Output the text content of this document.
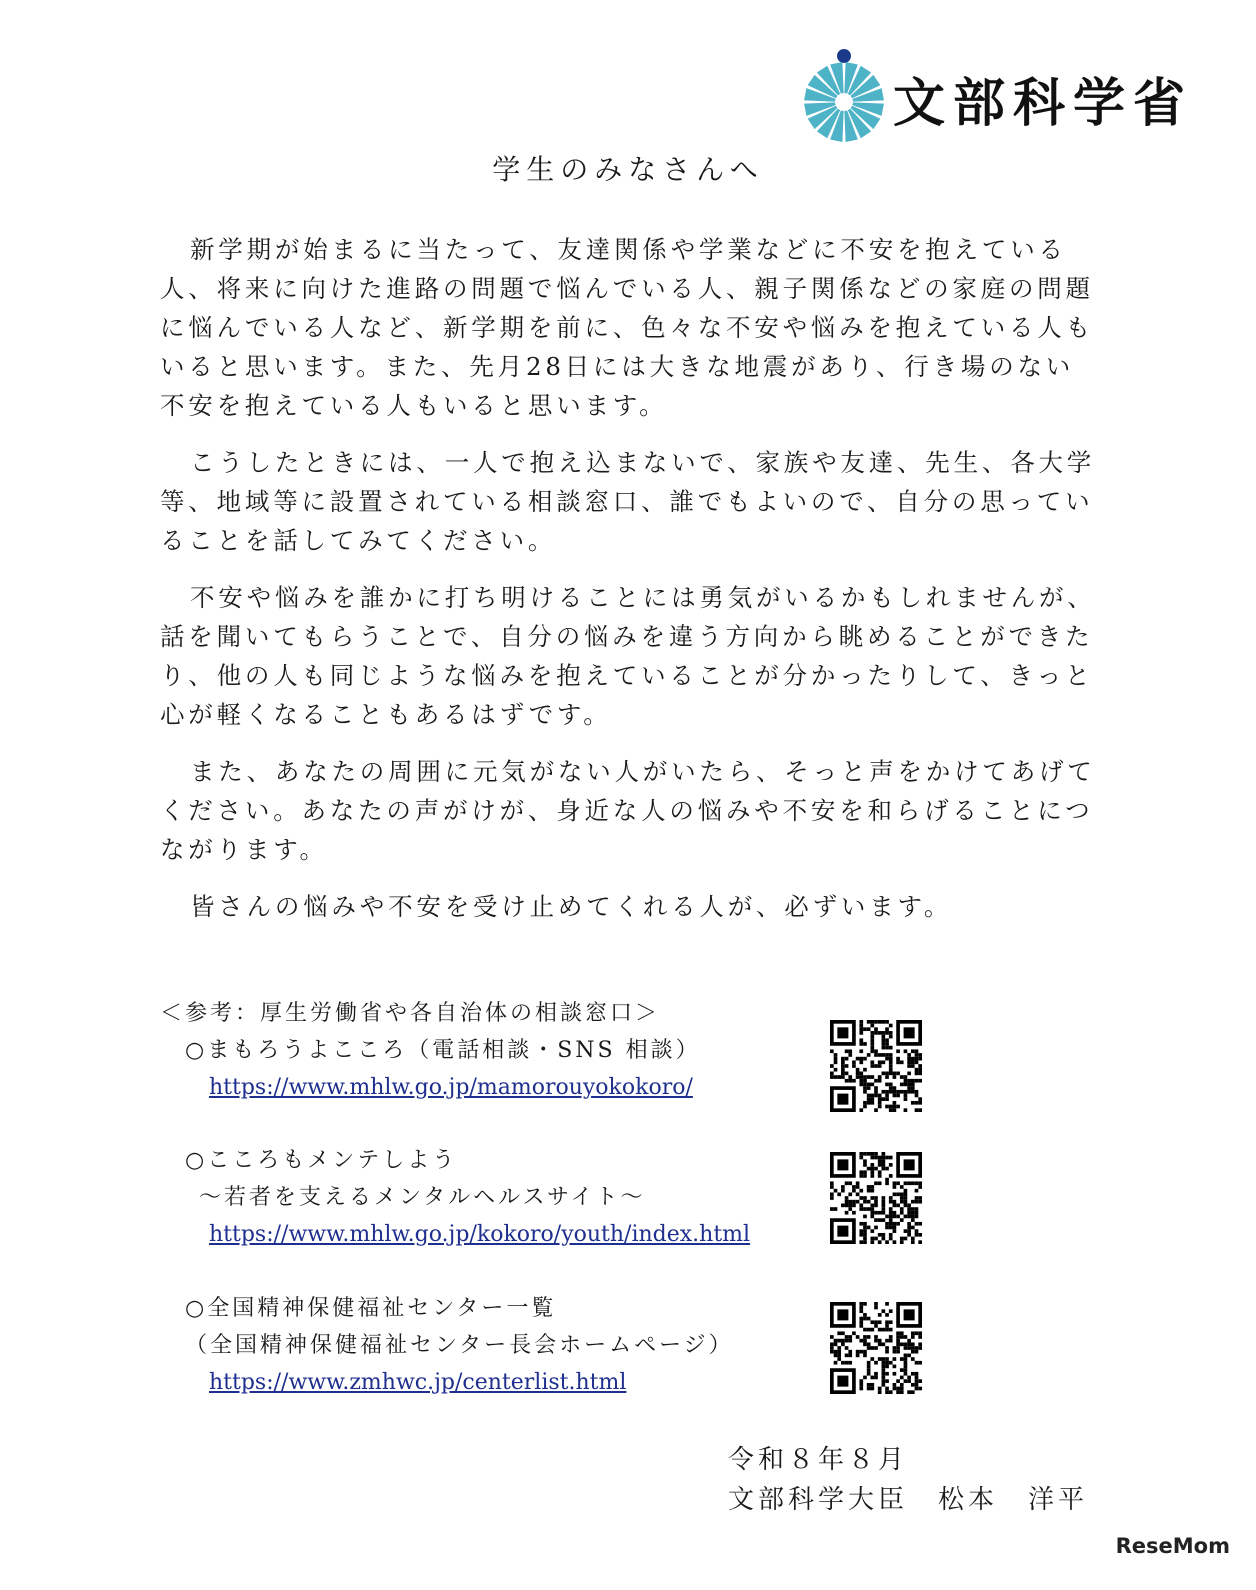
文部科学省
学生のみなさんへ

新学期が始まるに当たって、友達関係や学業などに不安を抱えている人、将来に向けた進路の問題で悩んでいる人、親子関係などの家庭の問題に悩んでいる人など、新学期を前に、色々な不安や悩みを抱えている人もいると思います。また、先月28日には大きな地震があり、行き場のない不安を抱えている人もいると思います。

こうしたときには、一人で抱え込まないで、家族や友達、先生、各大学等、地域等に設置されている相談窓口、誰でもよいので、自分の思っていることを話してみてください。

不安や悩みを誰かに打ち明けることには勇気がいるかもしれませんが、話を聞いてもらうことで、自分の悩みを違う方向から眺めることができたり、他の人も同じような悩みを抱えていることが分かったりして、きっと心が軽くなることもあるはずです。

また、あなたの周囲に元気がない人がいたら、そっと声をかけてあげてください。あなたの声がけが、身近な人の悩みや不安を和らげることにつながります。

皆さんの悩みや不安を受け止めてくれる人が、必ずいます。

＜参考：厚生労働省や各自治体の相談窓口＞
○まもろうよこころ（電話相談・SNS 相談）
https://www.mhlw.go.jp/mamorouyokokoro/
○こころもメンテしよう
～若者を支えるメンタルヘルスサイト～
https://www.mhlw.go.jp/kokoro/youth/index.html
○全国精神保健福祉センター一覧
（全国精神保健福祉センター長会ホームページ）
https://www.zmhwc.jp/centerlist.html
令和８年８月
文部科学大臣　 松本　洋平
ReseMom
